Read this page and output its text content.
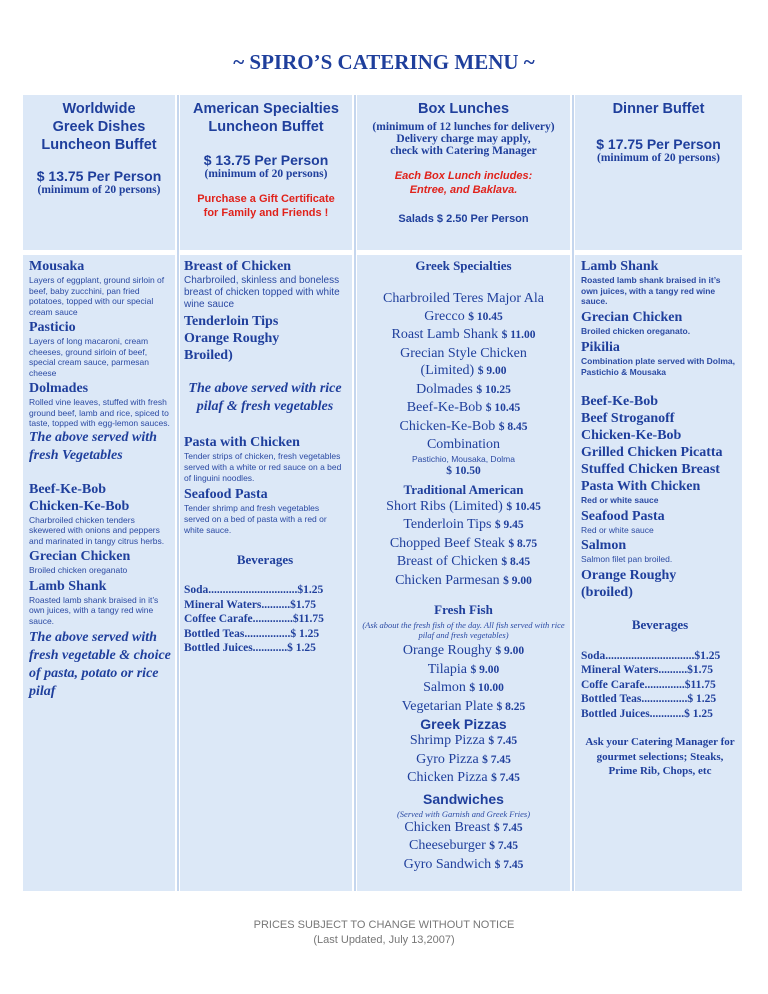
~ SPIRO’S CATERING MENU ~
Worldwide
Greek Dishes
Luncheon Buffet
$ 13.75 Per Person
(minimum of 20 persons)
American Specialties
Luncheon Buffet
$ 13.75 Per Person
(minimum of 20 persons)
Purchase a Gift Certificate
for Family and Friends !
Box Lunches
(minimum of 12 lunches for delivery)
Delivery charge may apply,
check with Catering Manager
Each Box Lunch includes:
Entree, and Baklava.
Salads $ 2.50 Per Person
Dinner Buffet
$ 17.75 Per Person
(minimum of 20 persons)
Mousaka
Layers of eggplant, ground sirloin of beef, baby zucchini, pan fried potatoes, topped with our special cream sauce
Pasticio
Layers of long macaroni, cream cheeses, ground sirloin of beef, special cream sauce, parmesan cheese
Dolmades
Rolled vine leaves, stuffed with fresh ground beef, lamb and rice, spiced to taste, topped with egg-lemon sauces.
The above served with fresh Vegetables
Beef-Ke-Bob
Chicken-Ke-Bob
Charbroiled chicken tenders skewered with onions and peppers and marinated in tangy citrus herbs.
Grecian Chicken
Broiled chicken oreganato
Lamb Shank
Roasted lamb shank braised in it’s own juices, with a tangy red wine sauce.
The above served with fresh vegetable & choice of pasta, potato or rice pilaf
Breast of Chicken
Charbroiled, skinless and boneless breast of chicken topped with white wine sauce
Tenderloin Tips
Orange Roughy
Broiled)
The above served with rice pilaf & fresh vegetables
Pasta with Chicken
Tender strips of chicken, fresh vegetables served with a white or red sauce on a bed of linguini noodles.
Seafood Pasta
Tender shrimp and fresh vegetables served on a bed of pasta with a red or white sauce.
Beverages
Soda...............................$1.25
Mineral Waters..........$1.75
Coffee Carafe..............$11.75
Bottled Teas................$ 1.25
Bottled Juices............$ 1.25
Greek Specialties
Charbroiled Teres Major Ala
Grecco $ 10.45
Roast Lamb Shank $ 11.00
Grecian Style Chicken
(Limited) $ 9.00
Dolmades $ 10.25
Beef-Ke-Bob $ 10.45
Chicken-Ke-Bob $ 8.45
Combination
Pastichio, Mousaka, Dolma
$ 10.50
Traditional American
Short Ribs (Limited) $ 10.45
Tenderloin Tips $ 9.45
Chopped Beef Steak $ 8.75
Breast of Chicken $ 8.45
Chicken Parmesan $ 9.00
Fresh Fish
(Ask about the fresh fish of the day. All fish served with rice pilaf and fresh vegetables)
Orange Roughy $ 9.00
Tilapia $ 9.00
Salmon $ 10.00
Vegetarian Plate $ 8.25
Greek Pizzas
Shrimp Pizza $ 7.45
Gyro Pizza $ 7.45
Chicken Pizza $ 7.45
Sandwiches
(Served with Garnish and Greek Fries)
Chicken Breast $ 7.45
Cheeseburger $ 7.45
Gyro Sandwich $ 7.45
Lamb Shank
Roasted lamb shank braised in it’s own juices, with a tangy red wine sauce.
Grecian Chicken
Broiled chicken oreganato.
Pikilia
Combination plate served with Dolma, Pastichio & Mousaka
Beef-Ke-Bob
Beef Stroganoff
Chicken-Ke-Bob
Grilled Chicken Picatta
Stuffed Chicken Breast
Pasta With Chicken
Red or white sauce
Seafood Pasta
Red or white sauce
Salmon
Salmon filet pan broiled.
Orange Roughy (broiled)
Beverages
Soda...............................$1.25
Mineral Waters..........$1.75
Coffe Carafe..............$11.75
Bottled Teas................$ 1.25
Bottled Juices............$ 1.25
Ask your Catering Manager for gourmet selections; Steaks, Prime Rib, Chops, etc
PRICES SUBJECT TO CHANGE WITHOUT NOTICE
(Last Updated, July 13,2007)
